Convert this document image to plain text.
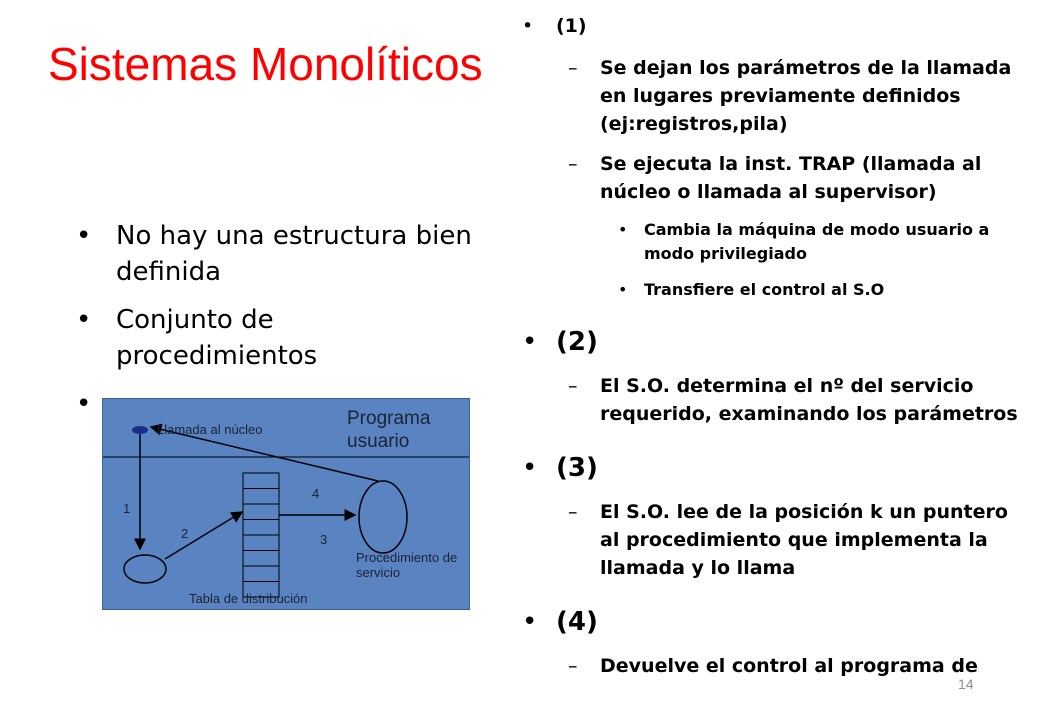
Sistemas Monolíticos
• No hay una estructura bien definida
• Conjunto de procedimientos
•
Llamada al núcleo
Programa usuario
1
2	3
4
Procedimiento de servicio
Tabla de distribución
• (1)
– Se dejan los parámetros de la llamada en lugares previamente definidos (ej:registros,pila)
– Se ejecuta la inst. TRAP (llamada al núcleo o llamada al supervisor)
• Cambia la máquina de modo usuario a modo privilegiado
• Transfiere el control al S.O
• (2)
– El S.O. determina el nº del servicio requerido, examinando los parámetros
• (3)
– El S.O. lee de la posición k un puntero al procedimiento que implementa la llamada y lo llama
• (4)
– Devuelve el control al programa de
14
